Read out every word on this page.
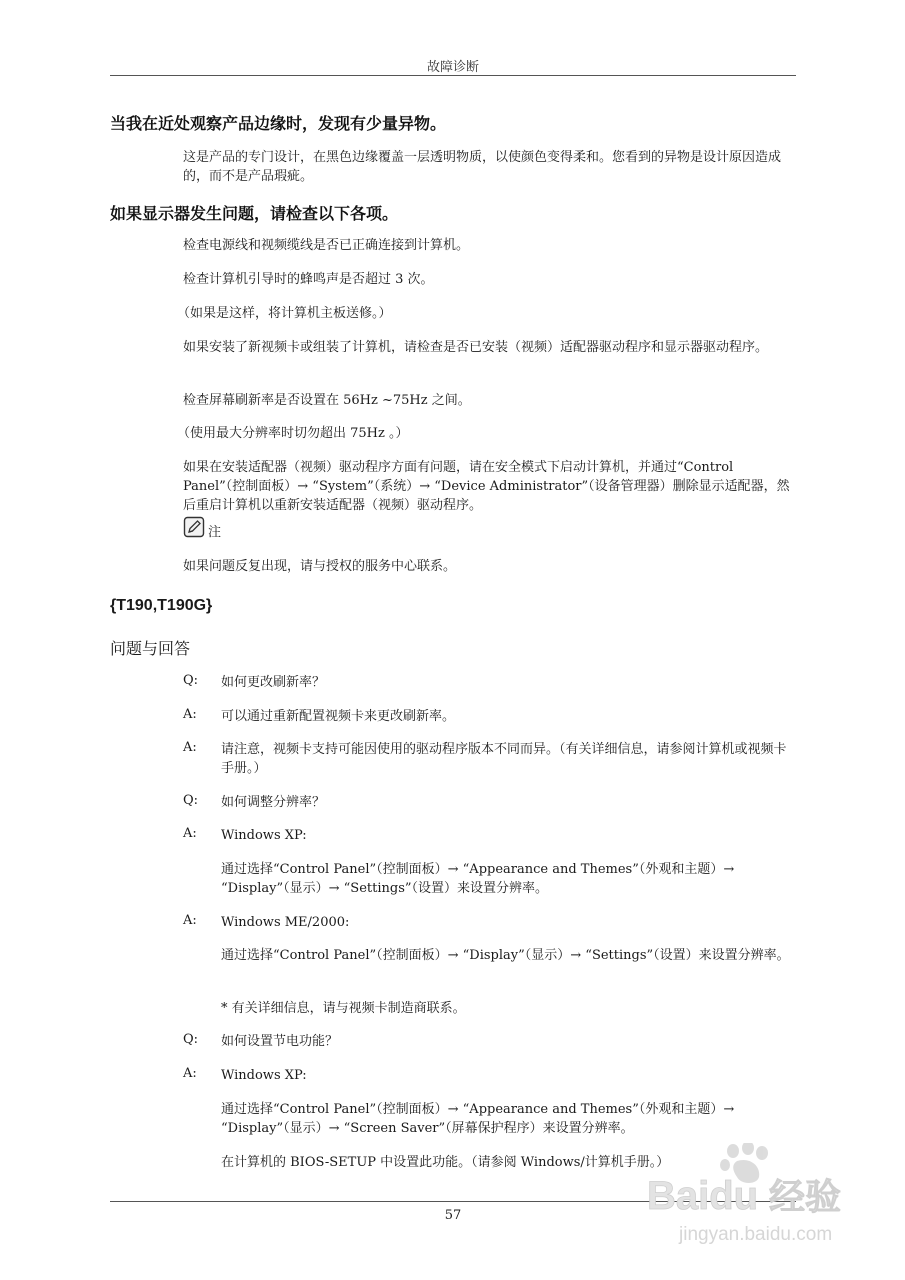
故障诊断
当我在近处观察产品边缘时，发现有少量异物。
这是产品的专门设计，在黑色边缘覆盖一层透明物质，以使颜色变得柔和。您看到的异物是设计原因造成的，而不是产品瑕疵。
如果显示器发生问题，请检查以下各项。
检查电源线和视频缆线是否已正确连接到计算机。
检查计算机引导时的蜂鸣声是否超过 3 次。
（如果是这样，将计算机主板送修。）
如果安装了新视频卡或组装了计算机，请检查是否已安装（视频）适配器驱动程序和显示器驱动程序。
检查屏幕刷新率是否设置在 56Hz ~75Hz 之间。
（使用最大分辨率时切勿超出 75Hz 。）
如果在安装适配器（视频）驱动程序方面有问题，请在安全模式下启动计算机，并通过“Control Panel”（控制面板）→ “System”（系统）→ “Device Administrator”（设备管理器）删除显示适配器，然后重启计算机以重新安装适配器（视频）驱动程序。
注
如果问题反复出现，请与授权的服务中心联系。
{T190,T190G}
问题与回答
Q: 如何更改刷新率？
A: 可以通过重新配置视频卡来更改刷新率。
A: 请注意，视频卡支持可能因使用的驱动程序版本不同而异。（有关详细信息，请参阅计算机或视频卡手册。）
Q: 如何调整分辨率？
A: Windows XP:
通过选择“Control Panel”（控制面板）→ “Appearance and Themes”（外观和主题）→ “Display”（显示）→ “Settings”（设置）来设置分辨率。
A: Windows ME/2000:
通过选择“Control Panel”（控制面板）→ “Display”（显示）→ “Settings”（设置）来设置分辨率。
* 有关详细信息，请与视频卡制造商联系。
Q: 如何设置节电功能？
A: Windows XP:
通过选择“Control Panel”（控制面板）→ “Appearance and Themes”（外观和主题）→ “Display”（显示）→ “Screen Saver”（屏幕保护程序）来设置分辨率。
在计算机的 BIOS-SETUP 中设置此功能。（请参阅 Windows/计算机手册。）
57	Baidu 经验
jingyan.baidu.com
